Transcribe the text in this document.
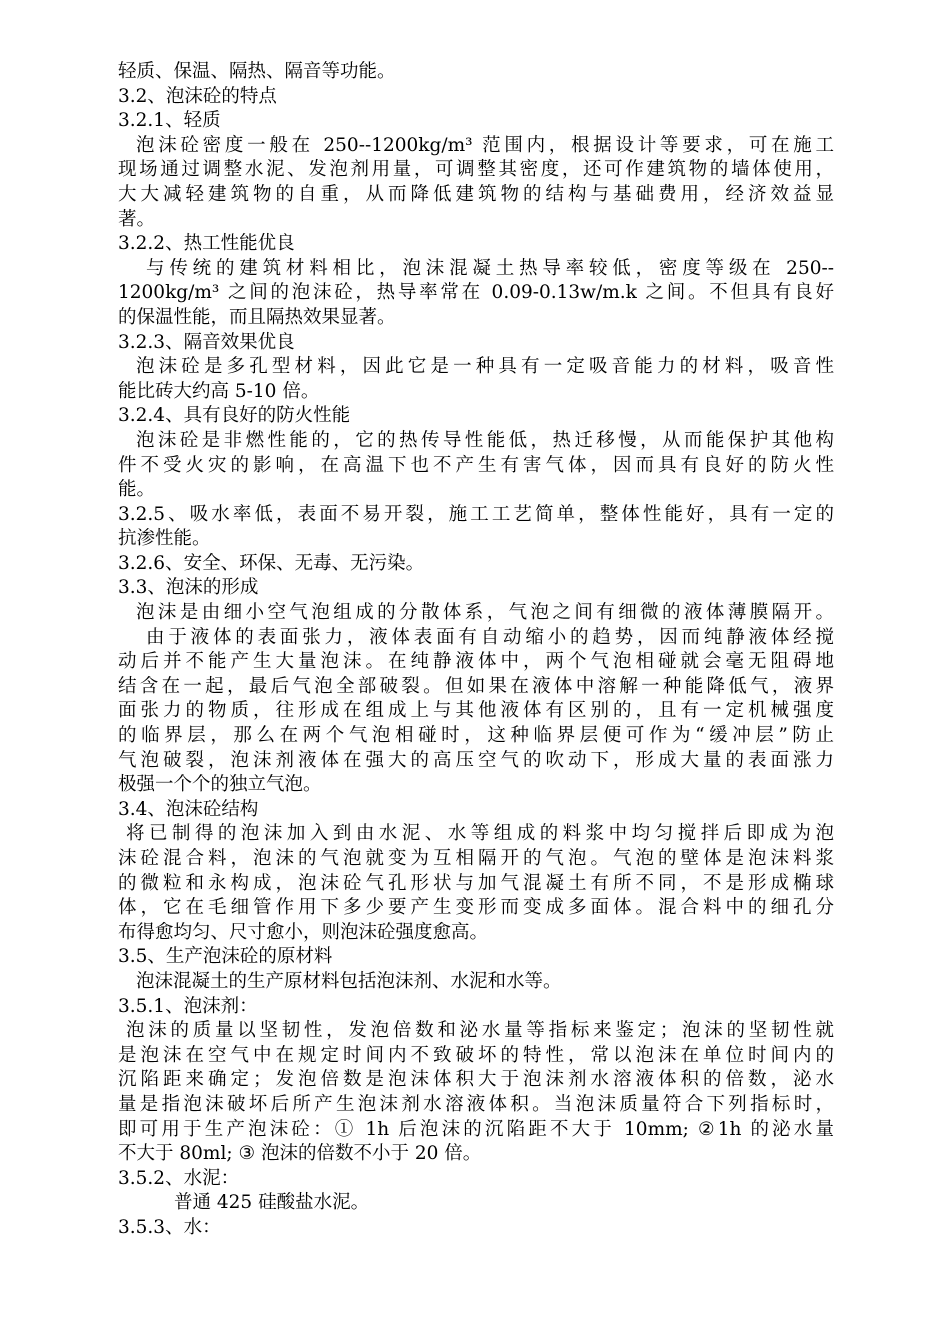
轻质、保温、隔热、隔音等功能。
3.2、泡沫砼的特点
3.2.1、轻质
泡沫砼密度一般在 250--1200kg∕m³ 范围内，根据设计等要求，可在施工
现场通过调整水泥、发泡剂用量，可调整其密度，还可作建筑物的墙体使用，
大大减轻建筑物的自重，从而降低建筑物的结构与基础费用，经济效益显
著。
3.2.2、热工性能优良
与传统的建筑材料相比，泡沫混凝土热导率较低，密度等级在 250--
1200kg/m³ 之间的泡沫砼，热导率常在 0.09-0.13w/m.k 之间。不但具有良好
的保温性能，而且隔热效果显著。
3.2.3、隔音效果优良
泡沫砼是多孔型材料，因此它是一种具有一定吸音能力的材料，吸音性
能比砖大约高 5-10 倍。
3.2.4、具有良好的防火性能
泡沫砼是非燃性能的，它的热传导性能低，热迁移慢，从而能保护其他构
件不受火灾的影响，在高温下也不产生有害气体，因而具有良好的防火性
能。
3.2.5、吸水率低，表面不易开裂，施工工艺简单，整体性能好，具有一定的
抗渗性能。
3.2.6、安全、环保、无毒、无污染。
3.3、泡沫的形成
泡沫是由细小空气泡组成的分散体系，气泡之间有细微的液体薄膜隔开。
由于液体的表面张力，液体表面有自动缩小的趋势，因而纯静液体经搅
动后并不能产生大量泡沫。在纯静液体中，两个气泡相碰就会毫无阻碍地
结含在一起，最后气泡全部破裂。但如果在液体中溶解一种能降低气，液界
面张力的物质，往形成在组成上与其他液体有区别的，且有一定机械强度
的临界层，那么在两个气泡相碰时，这种临界层便可作为“缓冲层”防止
气泡破裂，泡沫剂液体在强大的高压空气的吹动下，形成大量的表面涨力
极强一个个的独立气泡。
3.4、泡沫砼结构
将已制得的泡沫加入到由水泥、水等组成的料浆中均匀搅拌后即成为泡
沫砼混合料，泡沫的气泡就变为互相隔开的气泡。气泡的壁体是泡沫料浆
的微粒和永构成，泡沫砼气孔形状与加气混凝土有所不同，不是形成椭球
体，它在毛细管作用下多少要产生变形而变成多面体。混合料中的细孔分
布得愈均匀、尺寸愈小，则泡沫砼强度愈高。
3.5、生产泡沫砼的原材料
泡沫混凝土的生产原材料包括泡沫剂、水泥和水等。
3.5.1、泡沫剂：
泡沫的质量以坚韧性，发泡倍数和泌水量等指标来鉴定；泡沫的坚韧性就
是泡沫在空气中在规定时间内不致破坏的特性，常以泡沫在单位时间内的
沉陷距来确定；发泡倍数是泡沫体积大于泡沫剂水溶液体积的倍数，泌水
量是指泡沫破坏后所产生泡沫剂水溶液体积。当泡沫质量符合下列指标时，
即可用于生产泡沫砼：① 1h 后泡沫的沉陷距不大于 10mm; ②1h 的泌水量
不大于 80ml; ③ 泡沫的倍数不小于 20 倍。
3.5.2、水泥：
普通 425 硅酸盐水泥。
3.5.3、水：
